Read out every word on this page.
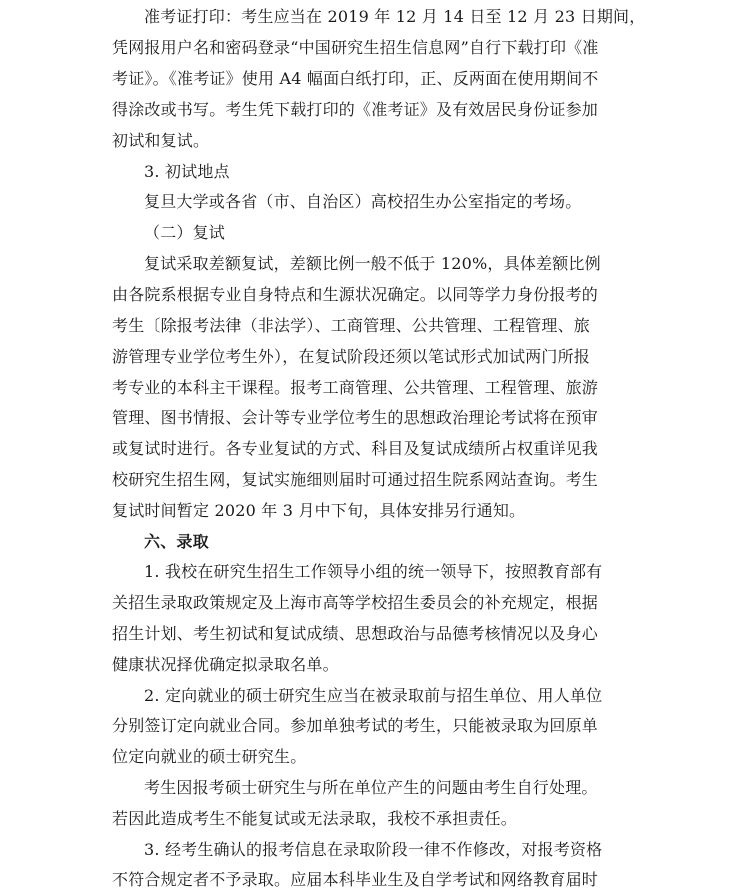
准考证打印：考生应当在 2019 年 12 月 14 日至 12 月 23 日期间，
凭网报用户名和密码登录“中国研究生招生信息网”自行下载打印《准
考证》。《准考证》使用 A4 幅面白纸打印，正、反两面在使用期间不
得涂改或书写。考生凭下载打印的《准考证》及有效居民身份证参加
初试和复试。
3. 初试地点
复旦大学或各省（市、自治区）高校招生办公室指定的考场。
（二）复试
复试采取差额复试，差额比例一般不低于 120%，具体差额比例
由各院系根据专业自身特点和生源状况确定。以同等学力身份报考的
考生〔除报考法律（非法学）、工商管理、公共管理、工程管理、旅
游管理专业学位考生外），在复试阶段还须以笔试形式加试两门所报
考专业的本科主干课程。报考工商管理、公共管理、工程管理、旅游
管理、图书情报、会计等专业学位考生的思想政治理论考试将在预审
或复试时进行。各专业复试的方式、科目及复试成绩所占权重详见我
校研究生招生网，复试实施细则届时可通过招生院系网站查询。考生
复试时间暂定 2020 年 3 月中下旬，具体安排另行通知。
六、录取
1. 我校在研究生招生工作领导小组的统一领导下，按照教育部有
关招生录取政策规定及上海市高等学校招生委员会的补充规定，根据
招生计划、考生初试和复试成绩、思想政治与品德考核情况以及身心
健康状况择优确定拟录取名单。
2. 定向就业的硕士研究生应当在被录取前与招生单位、用人单位
分别签订定向就业合同。参加单独考试的考生，只能被录取为回原单
位定向就业的硕士研究生。
考生因报考硕士研究生与所在单位产生的问题由考生自行处理。
若因此造成考生不能复试或无法录取，我校不承担责任。
3. 经考生确认的报考信息在录取阶段一律不作修改，对报考资格
不符合规定者不予录取。应届本科毕业生及自学考试和网络教育届时
